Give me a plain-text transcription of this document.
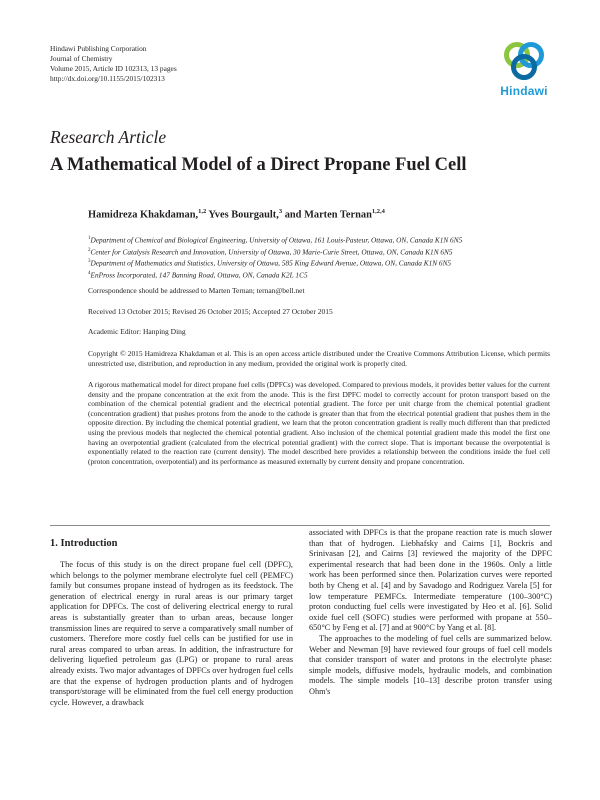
Hindawi Publishing Corporation
Journal of Chemistry
Volume 2015, Article ID 102313, 13 pages
http://dx.doi.org/10.1155/2015/102313
Hindawi
Research Article
A Mathematical Model of a Direct Propane Fuel Cell
Hamidreza Khakdaman,$^{1,2}$ Yves Bourgault,$^3$ and Marten Ternan$^{1,2,4}$
$^1$Department of Chemical and Biological Engineering, University of Ottawa, 161 Louis-Pasteur, Ottawa, ON, Canada K1N 6N5
$^2$Center for Catalysis Research and Innovation, University of Ottawa, 30 Marie-Curie Street, Ottawa, ON, Canada K1N 6N5
$^3$Department of Mathematics and Statistics, University of Ottawa, 585 King Edward Avenue, Ottawa, ON, Canada K1N 6N5
$^4$EnPross Incorporated, 147 Banning Road, Ottawa, ON, Canada K2L 1C5
Correspondence should be addressed to Marten Ternan; ternan@bell.net
Received 13 October 2015; Revised 26 October 2015; Accepted 27 October 2015
Academic Editor: Hanping Ding
Copyright © 2015 Hamidreza Khakdaman et al. This is an open access article distributed under the Creative Commons Attribution License, which permits unrestricted use, distribution, and reproduction in any medium, provided the original work is properly cited.
A rigorous mathematical model for direct propane fuel cells (DPFCs) was developed. Compared to previous models, it provides better values for the current density and the propane concentration at the exit from the anode. This is the first DPFC model to correctly account for proton transport based on the combination of the chemical potential gradient and the electrical potential gradient. The force per unit charge from the chemical potential gradient (concentration gradient) that pushes protons from the anode to the cathode is greater than that from the electrical potential gradient that pushes them in the opposite direction. By including the chemical potential gradient, we learn that the proton concentration gradient is really much different than that predicted using the previous models that neglected the chemical potential gradient. Also inclusion of the chemical potential gradient made this model the first one having an overpotential gradient (calculated from the electrical potential gradient) with the correct slope. That is important because the overpotential is exponentially related to the reaction rate (current density). The model described here provides a relationship between the conditions inside the fuel cell (proton concentration, overpotential) and its performance as measured externally by current density and propane concentration.
1. Introduction

The focus of this study is on the direct propane fuel cell (DPFC), which belongs to the polymer membrane electrolyte fuel cell (PEMFC) family but consumes propane instead of hydrogen as its feedstock. The generation of electrical energy in rural areas is our primary target application for DPFCs. The cost of delivering electrical energy to rural areas is substantially greater than to urban areas, because longer transmission lines are required to serve a comparatively small number of customers. Therefore more costly fuel cells can be justified for use in rural areas compared to urban areas. In addition, the infrastructure for delivering liquefied petroleum gas (LPG) or propane to rural areas already exists. Two major advantages of DPFCs over hydrogen fuel cells are that the expense of hydrogen production plants and of hydrogen transport/storage will be eliminated from the fuel cell energy production cycle. However, a drawback

associated with DPFCs is that the propane reaction rate is much slower than that of hydrogen. Liebhafsky and Cairns [1], Bockris and Srinivasan [2], and Cairns [3] reviewed the majority of the DPFC experimental research that had been done in the 1960s. Only a little work has been performed since then. Polarization curves were reported both by Cheng et al. [4] and by Savadogo and Rodriguez Varela [5] for low temperature PEMFCs. Intermediate temperature (100–300°C) proton conducting fuel cells were investigated by Heo et al. [6]. Solid oxide fuel cell (SOFC) studies were performed with propane at 550–650°C by Feng et al. [7] and at 900°C by Yang et al. [8].

The approaches to the modeling of fuel cells are summarized below. Weber and Newman [9] have reviewed four groups of fuel cell models that consider transport of water and protons in the electrolyte phase: simple models, diffusive models, hydraulic models, and combination models. The simple models [10–13] describe proton transfer using Ohm's
